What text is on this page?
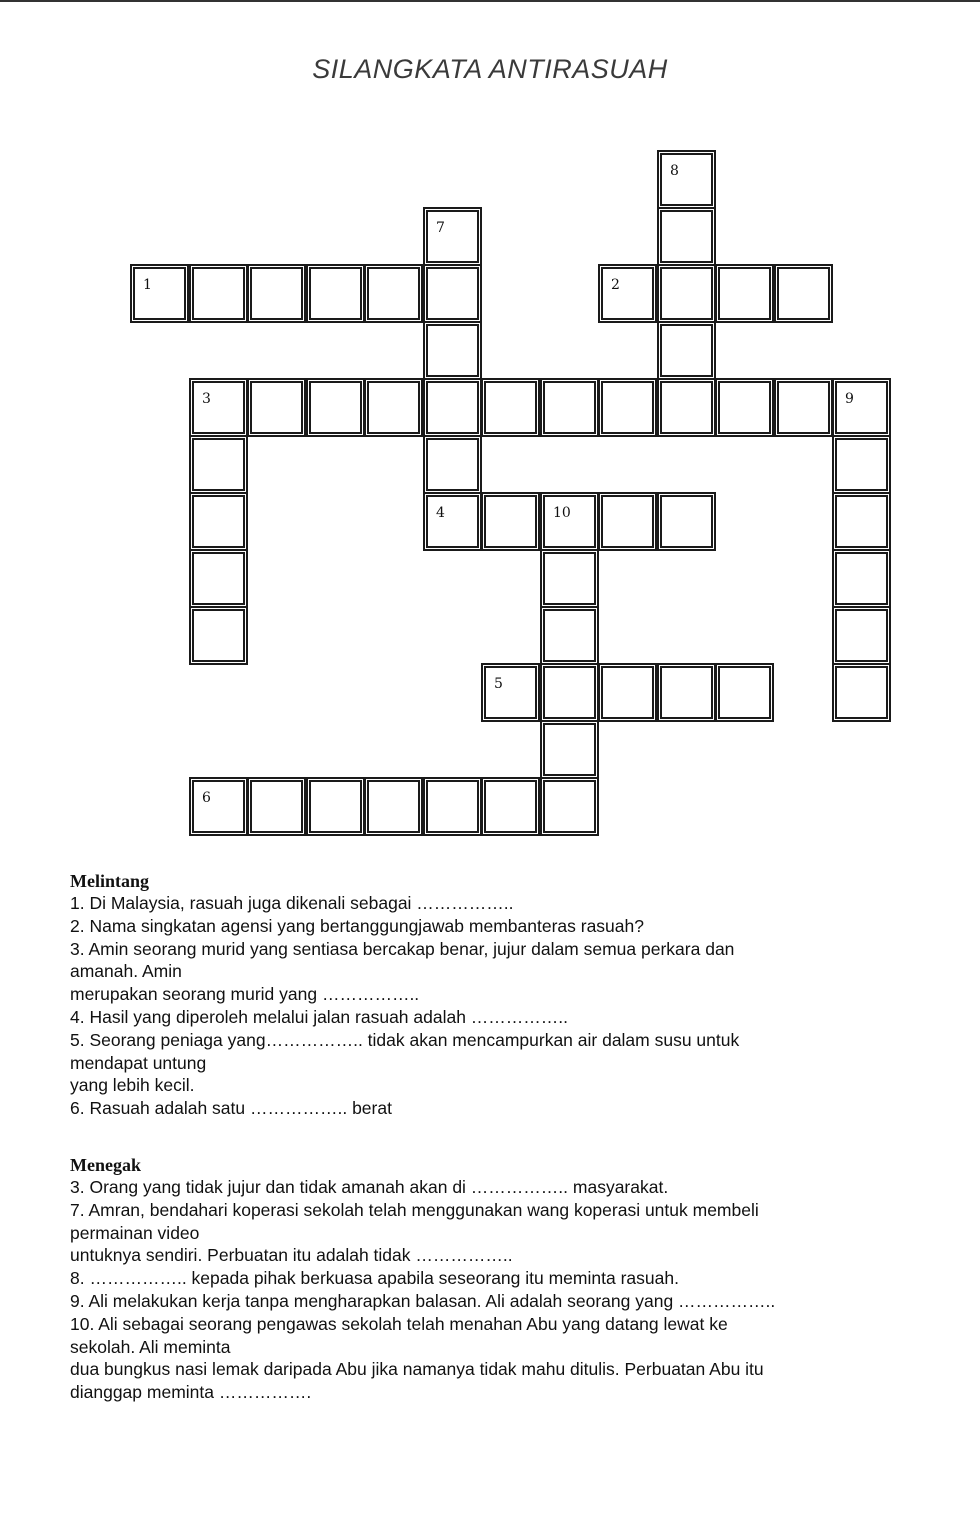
SILANGKATA ANTIRASUAH
1
7
8
2
3	9
4	10
5
6
Melintang
1. Di Malaysia, rasuah juga dikenali sebagai ……………..
2. Nama singkatan agensi yang bertanggungjawab membanteras rasuah?
3. Amin seorang murid yang sentiasa bercakap benar, jujur dalam semua perkara dan
amanah. Amin
merupakan seorang murid yang ……………..
4. Hasil yang diperoleh melalui jalan rasuah adalah ……………..
5. Seorang peniaga yang…………….. tidak akan mencampurkan air dalam susu untuk
mendapat untung
yang lebih kecil.
6. Rasuah adalah satu …………….. berat
Menegak
3. Orang yang tidak jujur dan tidak amanah akan di …………….. masyarakat.
7. Amran, bendahari koperasi sekolah telah menggunakan wang koperasi untuk membeli
permainan video
untuknya sendiri. Perbuatan itu adalah tidak ……………..
8. …………….. kepada pihak berkuasa apabila seseorang itu meminta rasuah.
9. Ali melakukan kerja tanpa mengharapkan balasan. Ali adalah seorang yang ……………..
10. Ali sebagai seorang pengawas sekolah telah menahan Abu yang datang lewat ke
sekolah. Ali meminta
dua bungkus nasi lemak daripada Abu jika namanya tidak mahu ditulis. Perbuatan Abu itu
dianggap meminta …………….
